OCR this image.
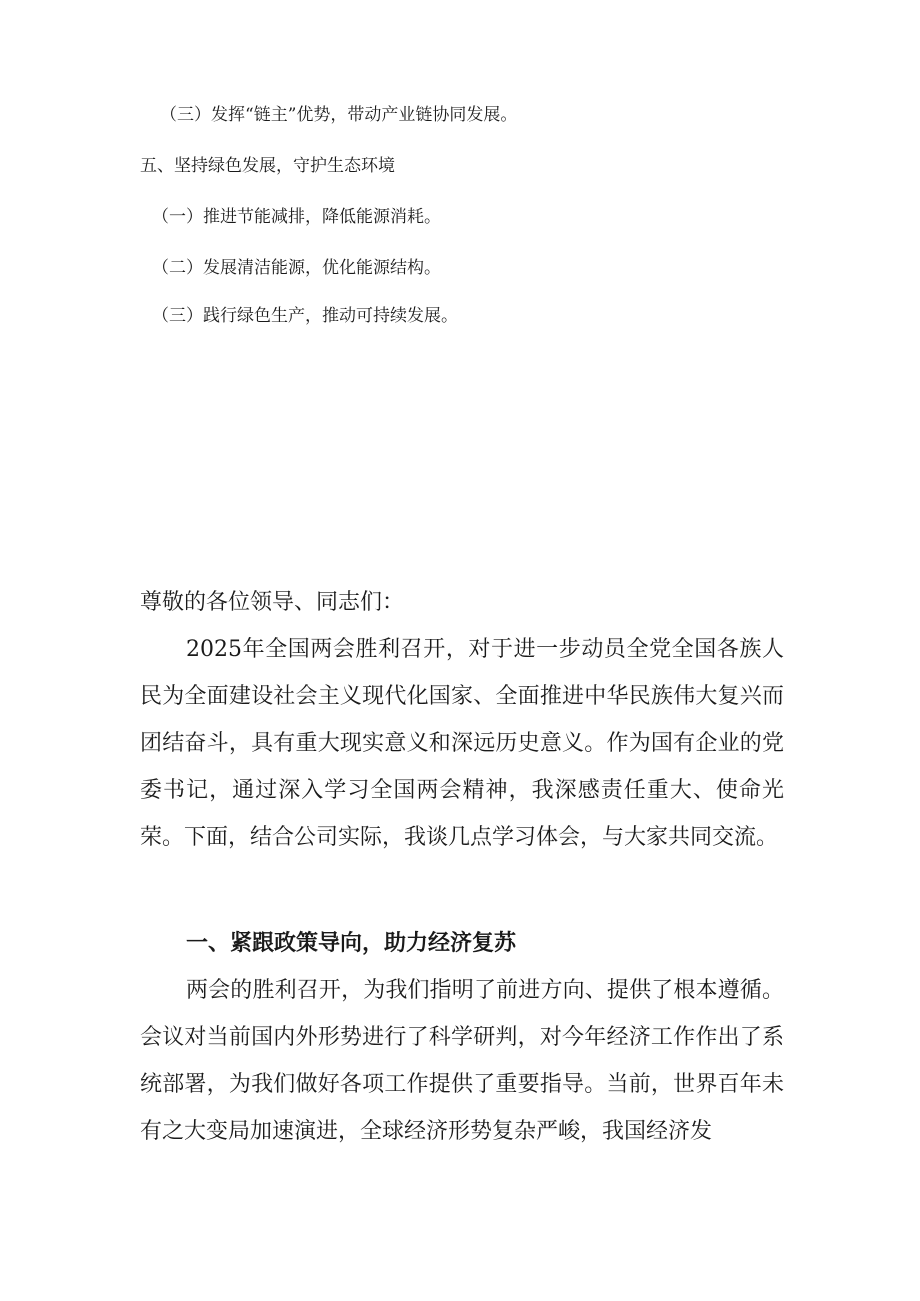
（三）发挥“链主”优势，带动产业链协同发展。
五、坚持绿色发展，守护生态环境
（一）推进节能减排，降低能源消耗。
（二）发展清洁能源，优化能源结构。
（三）践行绿色生产，推动可持续发展。

尊敬的各位领导、同志们：

2025年全国两会胜利召开，对于进一步动员全党全国各族人民为全面建设社会主义现代化国家、全面推进中华民族伟大复兴而团结奋斗，具有重大现实意义和深远历史意义。作为国有企业的党委书记，通过深入学习全国两会精神，我深感责任重大、使命光荣。下面，结合公司实际，我谈几点学习体会，与大家共同交流。

一、紧跟政策导向，助力经济复苏

两会的胜利召开，为我们指明了前进方向、提供了根本遵循。会议对当前国内外形势进行了科学研判，对今年经济工作作出了系统部署，为我们做好各项工作提供了重要指导。当前，世界百年未有之大变局加速演进，全球经济形势复杂严峻，我国经济发
